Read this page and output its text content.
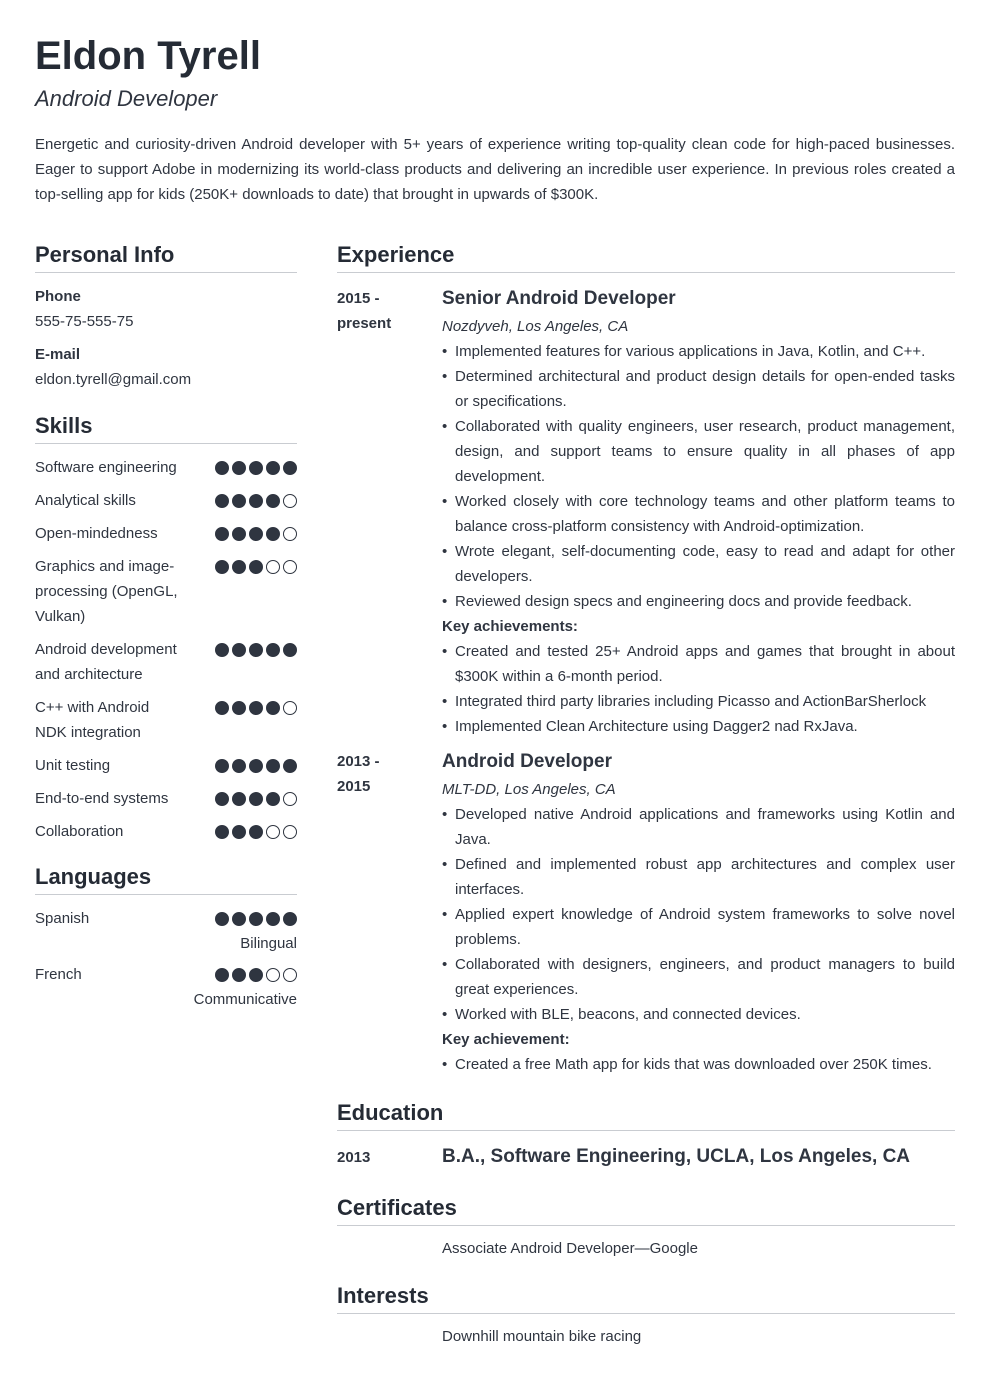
Eldon Tyrell
Android Developer
Energetic and curiosity-driven Android developer with 5+ years of experience writing top-quality clean code for high-paced businesses. Eager to support Adobe in modernizing its world-class products and delivering an incredible user experience. In previous roles created a top-selling app for kids (250K+ downloads to date) that brought in upwards of $300K.
Personal Info
Phone
555-75-555-75
E-mail
eldon.tyrell@gmail.com
Skills
Software engineering
Analytical skills
Open-mindedness
Graphics and image-processing (OpenGL, Vulkan)
Android development and architecture
C++ with Android NDK integration
Unit testing
End-to-end systems
Collaboration
Languages
Spanish
Bilingual
French
Communicative
Experience
2015 -
present
Senior Android Developer
Nozdyveh, Los Angeles, CA
• Implemented features for various applications in Java, Kotlin, and C++.
• Determined architectural and product design details for open-ended tasks or specifications.
• Collaborated with quality engineers, user research, product management, design, and support teams to ensure quality in all phases of app development.
• Worked closely with core technology teams and other platform teams to balance cross-platform consistency with Android-optimization.
• Wrote elegant, self-documenting code, easy to read and adapt for other developers.
• Reviewed design specs and engineering docs and provide feedback.
Key achievements:
• Created and tested 25+ Android apps and games that brought in about $300K within a 6-month period.
• Integrated third party libraries including Picasso and ActionBarSherlock
• Implemented Clean Architecture using Dagger2 nad RxJava.
2013 -
2015
Android Developer
MLT-DD, Los Angeles, CA
• Developed native Android applications and frameworks using Kotlin and Java.
• Defined and implemented robust app architectures and complex user interfaces.
• Applied expert knowledge of Android system frameworks to solve novel problems.
• Collaborated with designers, engineers, and product managers to build great experiences.
• Worked with BLE, beacons, and connected devices.
Key achievement:
• Created a free Math app for kids that was downloaded over 250K times.
Education
2013	B.A., Software Engineering, UCLA, Los Angeles, CA
Certificates
Associate Android Developer—Google
Interests
Downhill mountain bike racing
